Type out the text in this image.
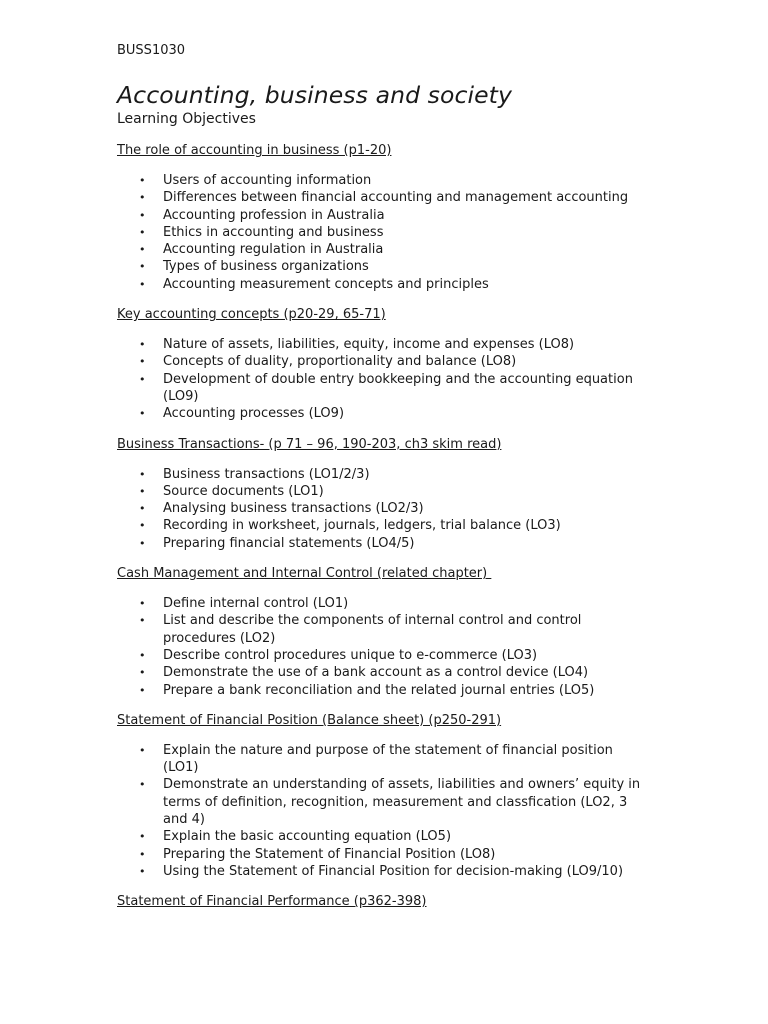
BUSS1030
Accounting, business and society
Learning Objectives
The role of accounting in business (p1-20)
• Users of accounting information
• Differences between financial accounting and management accounting
• Accounting profession in Australia
• Ethics in accounting and business
• Accounting regulation in Australia
• Types of business organizations
• Accounting measurement concepts and principles
Key accounting concepts (p20-29, 65-71)
• Nature of assets, liabilities, equity, income and expenses (LO8)
• Concepts of duality, proportionality and balance (LO8)
• Development of double entry bookkeeping and the accounting equation (LO9)
• Accounting processes (LO9)
Business Transactions- (p 71 – 96, 190-203, ch3 skim read)
• Business transactions (LO1/2/3)
• Source documents (LO1)
• Analysing business transactions (LO2/3)
• Recording in worksheet, journals, ledgers, trial balance (LO3)
• Preparing financial statements (LO4/5)
Cash Management and Internal Control (related chapter)
• Define internal control (LO1)
• List and describe the components of internal control and control procedures (LO2)
• Describe control procedures unique to e-commerce (LO3)
• Demonstrate the use of a bank account as a control device (LO4)
• Prepare a bank reconciliation and the related journal entries (LO5)
Statement of Financial Position (Balance sheet) (p250-291)
• Explain the nature and purpose of the statement of financial position (LO1)
• Demonstrate an understanding of assets, liabilities and owners’ equity in terms of definition, recognition, measurement and classfication (LO2, 3 and 4)
• Explain the basic accounting equation (LO5)
• Preparing the Statement of Financial Position (LO8)
• Using the Statement of Financial Position for decision-making (LO9/10)
Statement of Financial Performance (p362-398)
